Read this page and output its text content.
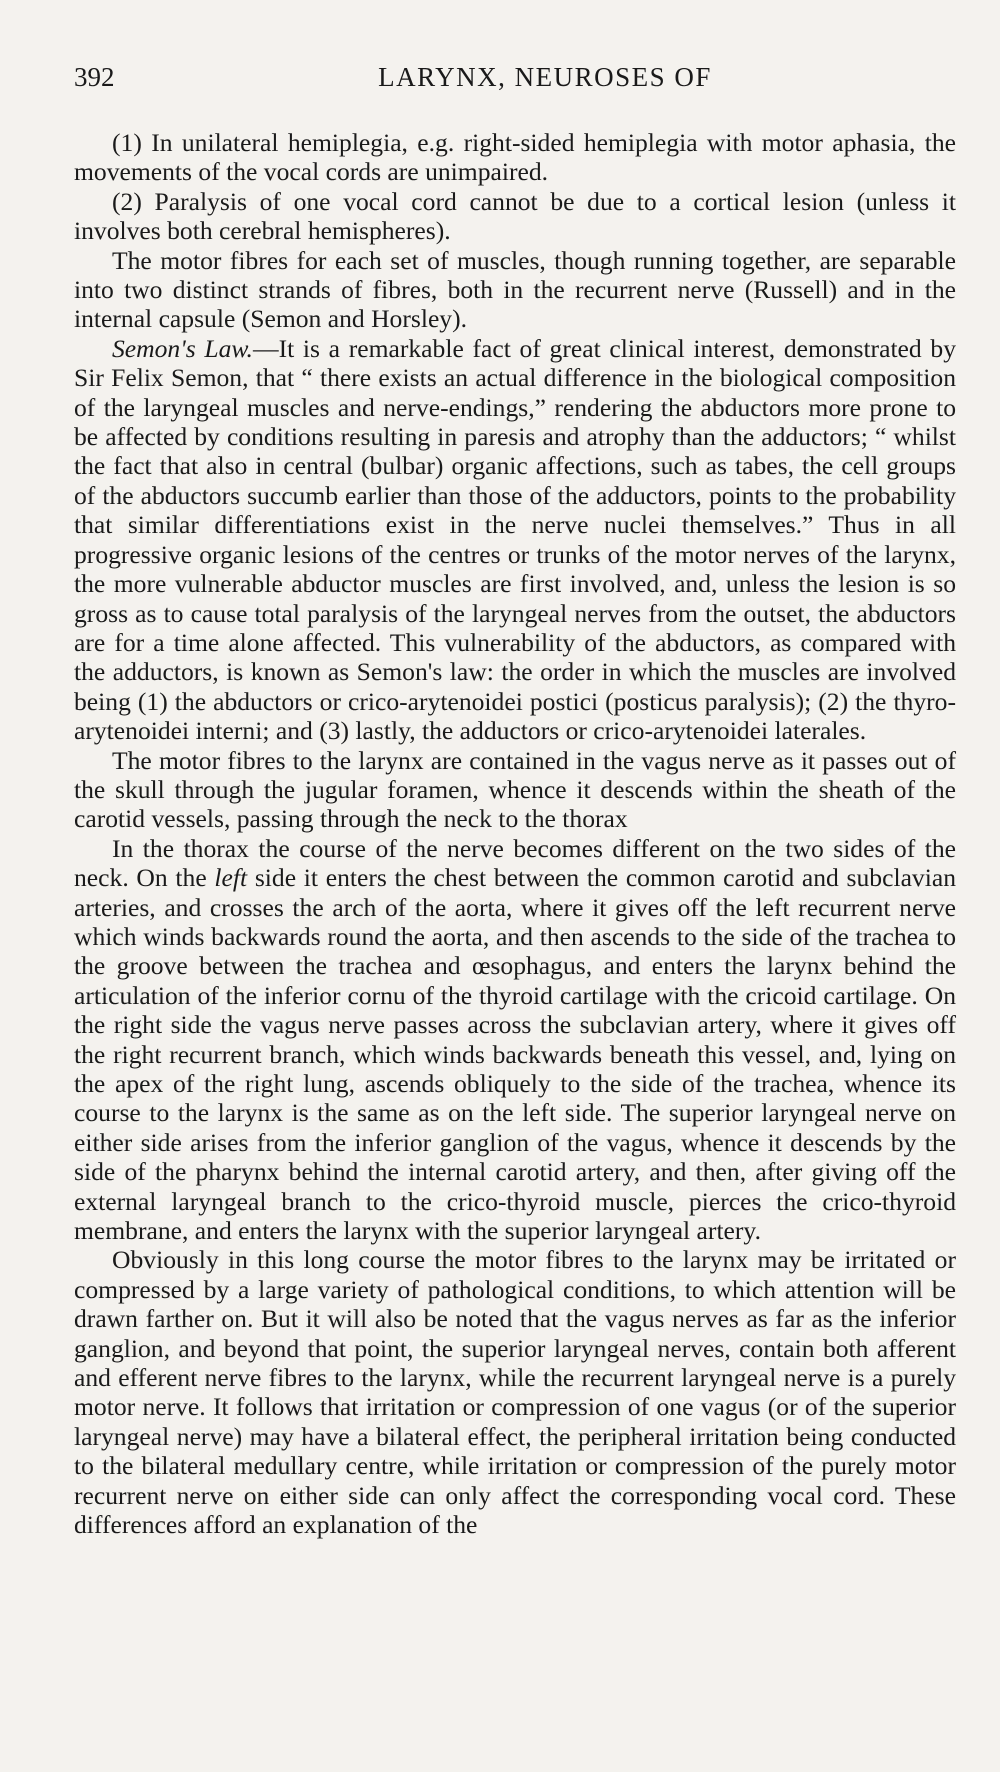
392	LARYNX, NEUROSES OF

(1) In unilateral hemiplegia, e.g. right-sided hemiplegia with motor aphasia, the movements of the vocal cords are unimpaired.

(2) Paralysis of one vocal cord cannot be due to a cortical lesion (unless it involves both cerebral hemispheres).

The motor fibres for each set of muscles, though running together, are separable into two distinct strands of fibres, both in the recurrent nerve (Russell) and in the internal capsule (Semon and Horsley).

Semon's Law.—It is a remarkable fact of great clinical interest, demonstrated by Sir Felix Semon, that “ there exists an actual difference in the biological composition of the laryngeal muscles and nerve-endings,” rendering the abductors more prone to be affected by conditions resulting in paresis and atrophy than the adductors; “ whilst the fact that also in central (bulbar) organic affections, such as tabes, the cell groups of the abductors succumb earlier than those of the adductors, points to the probability that similar differentiations exist in the nerve nuclei themselves.” Thus in all progressive organic lesions of the centres or trunks of the motor nerves of the larynx, the more vulnerable abductor muscles are first involved, and, unless the lesion is so gross as to cause total paralysis of the laryngeal nerves from the outset, the abductors are for a time alone affected. This vulnerability of the abductors, as compared with the adductors, is known as Semon's law: the order in which the muscles are involved being (1) the abductors or crico-arytenoidei postici (posticus paralysis); (2) the thyro-arytenoidei interni; and (3) lastly, the adductors or crico-arytenoidei laterales.

The motor fibres to the larynx are contained in the vagus nerve as it passes out of the skull through the jugular foramen, whence it descends within the sheath of the carotid vessels, passing through the neck to the thorax

In the thorax the course of the nerve becomes different on the two sides of the neck. On the left side it enters the chest between the common carotid and subclavian arteries, and crosses the arch of the aorta, where it gives off the left recurrent nerve which winds backwards round the aorta, and then ascends to the side of the trachea to the groove between the trachea and œsophagus, and enters the larynx behind the articulation of the inferior cornu of the thyroid cartilage with the cricoid cartilage. On the right side the vagus nerve passes across the subclavian artery, where it gives off the right recurrent branch, which winds backwards beneath this vessel, and, lying on the apex of the right lung, ascends obliquely to the side of the trachea, whence its course to the larynx is the same as on the left side. The superior laryngeal nerve on either side arises from the inferior ganglion of the vagus, whence it descends by the side of the pharynx behind the internal carotid artery, and then, after giving off the external laryngeal branch to the crico-thyroid muscle, pierces the crico-thyroid membrane, and enters the larynx with the superior laryngeal artery.

Obviously in this long course the motor fibres to the larynx may be irritated or compressed by a large variety of pathological conditions, to which attention will be drawn farther on. But it will also be noted that the vagus nerves as far as the inferior ganglion, and beyond that point, the superior laryngeal nerves, contain both afferent and efferent nerve fibres to the larynx, while the recurrent laryngeal nerve is a purely motor nerve. It follows that irritation or compression of one vagus (or of the superior laryngeal nerve) may have a bilateral effect, the peripheral irritation being conducted to the bilateral medullary centre, while irritation or compression of the purely motor recurrent nerve on either side can only affect the corresponding vocal cord. These differences afford an explanation of the
